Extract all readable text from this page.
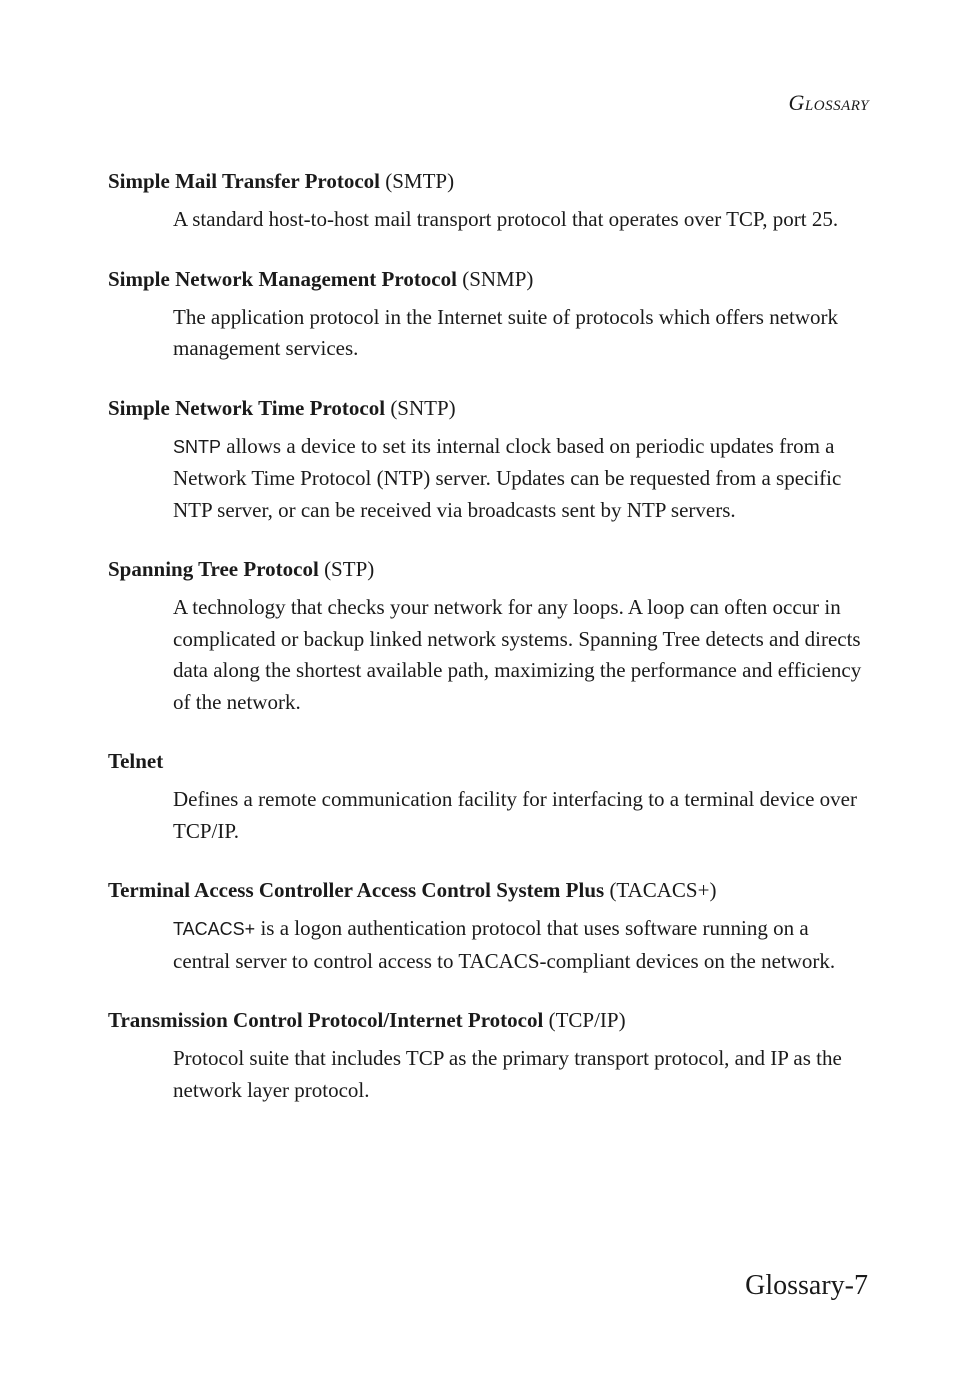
Glossary

Simple Mail Transfer Protocol (SMTP)

A standard host-to-host mail transport protocol that operates over TCP, port 25.

Simple Network Management Protocol (SNMP)

The application protocol in the Internet suite of protocols which offers network management services.

Simple Network Time Protocol (SNTP)

SNTP allows a device to set its internal clock based on periodic updates from a Network Time Protocol (NTP) server. Updates can be requested from a specific NTP server, or can be received via broadcasts sent by NTP servers.

Spanning Tree Protocol (STP)

A technology that checks your network for any loops. A loop can often occur in complicated or backup linked network systems. Spanning Tree detects and directs data along the shortest available path, maximizing the performance and efficiency of the network.

Telnet

Defines a remote communication facility for interfacing to a terminal device over TCP/IP.

Terminal Access Controller Access Control System Plus (TACACS+)

TACACS+ is a logon authentication protocol that uses software running on a central server to control access to TACACS-compliant devices on the network.

Transmission Control Protocol/Internet Protocol (TCP/IP)

Protocol suite that includes TCP as the primary transport protocol, and IP as the network layer protocol.

Glossary-7
